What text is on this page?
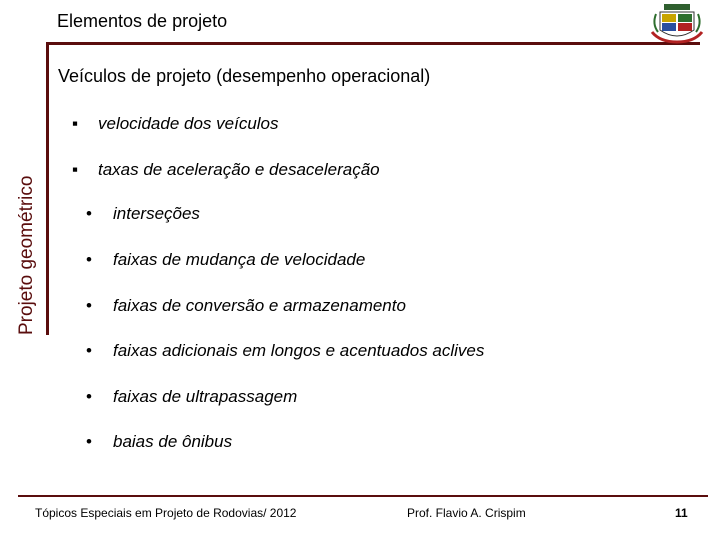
Elementos de projeto
Projeto geométrico
Veículos de projeto (desempenho operacional)
▪ velocidade dos veículos
▪ taxas de aceleração e desaceleração
• interseções
• faixas de mudança de velocidade
• faixas de conversão e armazenamento
• faixas adicionais em longos e acentuados aclives
• faixas de ultrapassagem
• baias de ônibus
Tópicos Especiais em Projeto de Rodovias/ 2012	Prof. Flavio A. Crispim	11
